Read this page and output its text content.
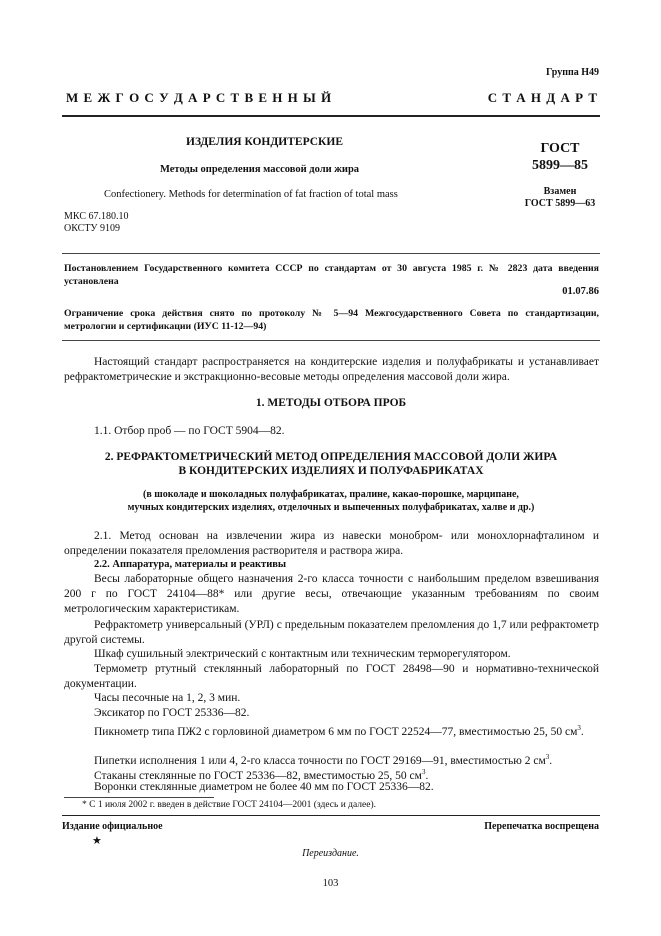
Группа Н49
М Е Ж Г О С У Д А Р С Т В Е Н Н Ы Й	С Т А Н Д А Р Т
ИЗДЕЛИЯ КОНДИТЕРСКИЕ
Методы определения массовой доли жира
Confectionery. Methods for determination of fat fraction of total mass
ГОСТ
5899—85
Взамен
ГОСТ 5899—63
МКС 67.180.10
ОКСТУ 9109
Постановлением Государственного комитета СССР по стандартам от 30 августа 1985 г. № 2823 дата введения установлена
01.07.86
Ограничение срока действия снято по протоколу № 5—94 Межгосударственного Совета по стандартизации, метрологии и сертификации (ИУС 11-12—94)
Настоящий стандарт распространяется на кондитерские изделия и полуфабрикаты и устанавливает рефрактометрические и экстракционно-весовые методы определения массовой доли жира.
1. МЕТОДЫ ОТБОРА ПРОБ
1.1. Отбор проб — по ГОСТ 5904—82.
2. РЕФРАКТОМЕТРИЧЕСКИЙ МЕТОД ОПРЕДЕЛЕНИЯ МАССОВОЙ ДОЛИ ЖИРА
В КОНДИТЕРСКИХ ИЗДЕЛИЯХ И ПОЛУФАБРИКАТАХ
(в шоколаде и шоколадных полуфабрикатах, пралине, какао-порошке, марципане,
мучных кондитерских изделиях, отделочных и выпеченных полуфабрикатах, халве и др.)
2.1. Метод основан на извлечении жира из навески монобром- или монохлорнафталином и определении показателя преломления растворителя и раствора жира.
2.2. Аппаратура, материалы и реактивы
Весы лабораторные общего назначения 2-го класса точности с наибольшим пределом взвешивания 200 г по ГОСТ 24104—88* или другие весы, отвечающие указанным требованиям по своим метрологическим характеристикам.
Рефрактометр универсальный (УРЛ) с предельным показателем преломления до 1,7 или рефрактометр другой системы.
Шкаф сушильный электрический с контактным или техническим терморегулятором.
Термометр ртутный стеклянный лабораторный по ГОСТ 28498—90 и нормативно-технической документации.
Часы песочные на 1, 2, 3 мин.
Эксикатор по ГОСТ 25336—82.
Пикнометр типа ПЖ2 с горловиной диаметром 6 мм по ГОСТ 22524—77, вместимостью 25, 50 $см^3$.
Пипетки исполнения 1 или 4, 2-го класса точности по ГОСТ 29169—91, вместимостью 2 $см^3$.
Стаканы стеклянные по ГОСТ 25336—82, вместимостью 25, 50 $см^3$.
Воронки стеклянные диаметром не более 40 мм по ГОСТ 25336—82.
* С 1 июля 2002 г. введен в действие ГОСТ 24104—2001 (здесь и далее).
Издание официальное
★
Перепечатка воспрещена
Переиздание.
103
